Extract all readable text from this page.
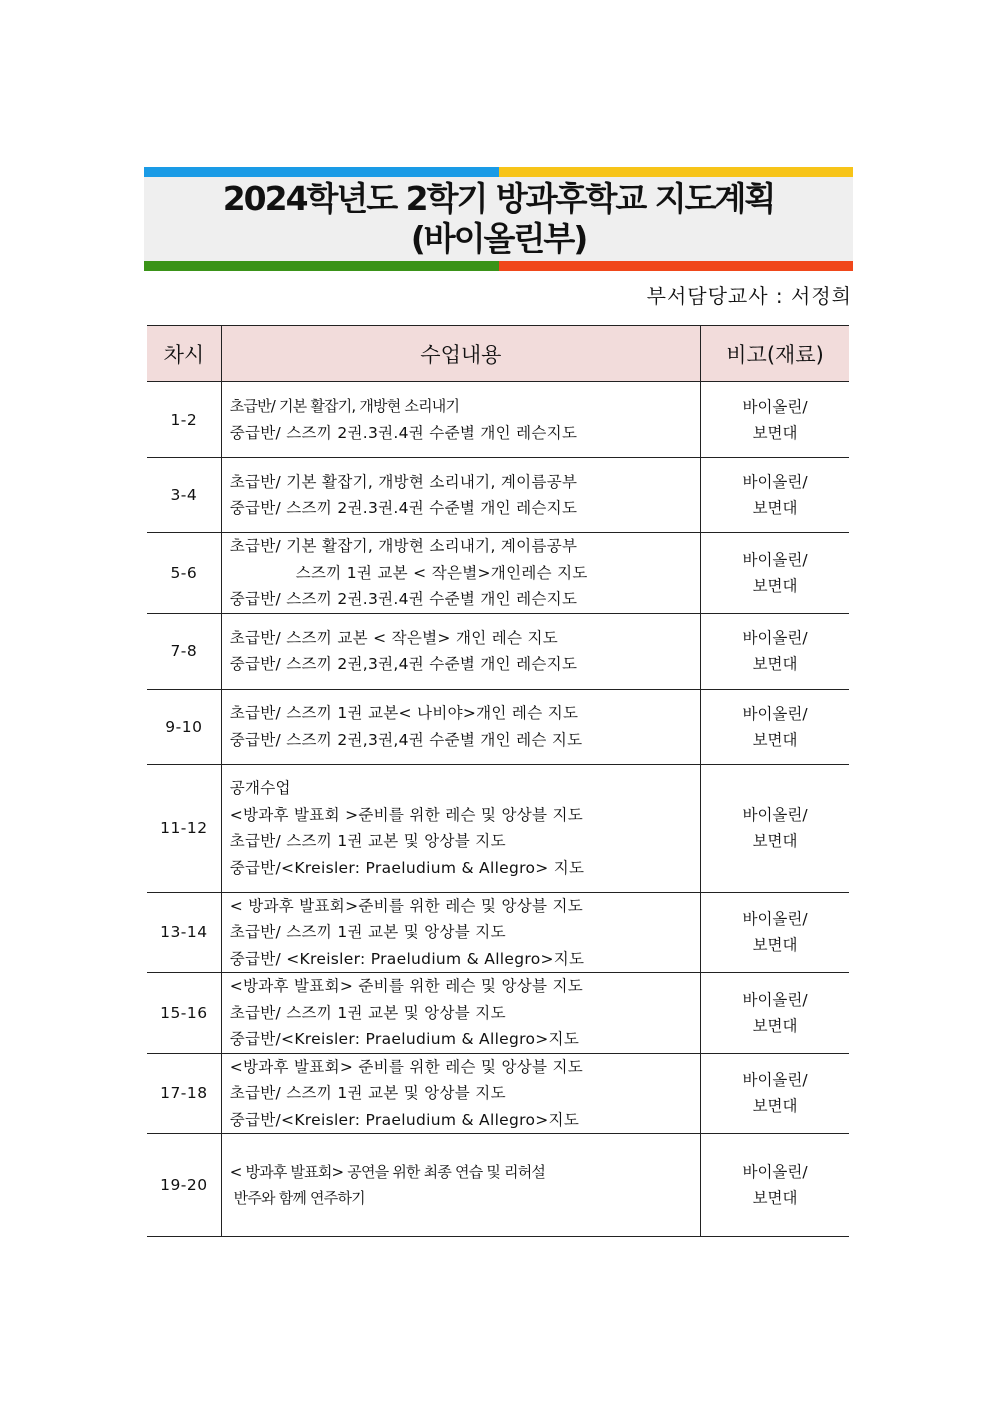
2024학년도 2학기 방과후학교 지도계획
(바이올린부)
부서담당교사 : 서정희
차시	수업내용	비고(재료)
1-2	초급반/ 기본 활잡기, 개방현 소리내기
중급반/ 스즈끼 2권.3권.4권 수준별 개인 레슨지도	바이올린/
보면대

3-4	초급반/ 기본 활잡기, 개방현 소리내기, 계이름공부
중급반/ 스즈끼 2권.3권.4권 수준별 개인 레슨지도	바이올린/
보면대

5-6	초급반/ 기본 활잡기, 개방현 소리내기, 계이름공부
스즈끼 1권 교본 < 작은별>개인레슨 지도
중급반/ 스즈끼 2권.3권.4권 수준별 개인 레슨지도	바이올린/
보면대

7-8	초급반/ 스즈끼 교본 < 작은별> 개인 레슨 지도
중급반/ 스즈끼 2권,3권,4권 수준별 개인 레슨지도	바이올린/
보면대

9-10	초급반/ 스즈끼 1권 교본< 나비야>개인 레슨 지도
중급반/ 스즈끼 2권,3권,4권 수준별 개인 레슨 지도	바이올린/
보면대

11-12	공개수업
<방과후 발표회 >준비를 위한 레슨 및 앙상블 지도
초급반/ 스즈끼 1권 교본 및 앙상블 지도
중급반/<Kreisler: Praeludium & Allegro> 지도	바이올린/
보면대

13-14	< 방과후 발표회>준비를 위한 레슨 및 앙상블 지도
초급반/ 스즈끼 1권 교본 및 앙상블 지도
중급반/ <Kreisler: Praeludium & Allegro>지도	바이올린/
보면대

15-16	<방과후 발표회> 준비를 위한 레슨 및 앙상블 지도
초급반/ 스즈끼 1권 교본 및 앙상블 지도
중급반/<Kreisler: Praeludium & Allegro>지도	바이올린/
보면대

17-18	<방과후 발표회> 준비를 위한 레슨 및 앙상블 지도
초급반/ 스즈끼 1권 교본 및 앙상블 지도
중급반/<Kreisler: Praeludium & Allegro>지도	바이올린/
보면대

19-20	< 방과후 발표회> 공연을 위한 최종 연습 및 리허설
반주와 함께 연주하기	바이올린/
보면대
